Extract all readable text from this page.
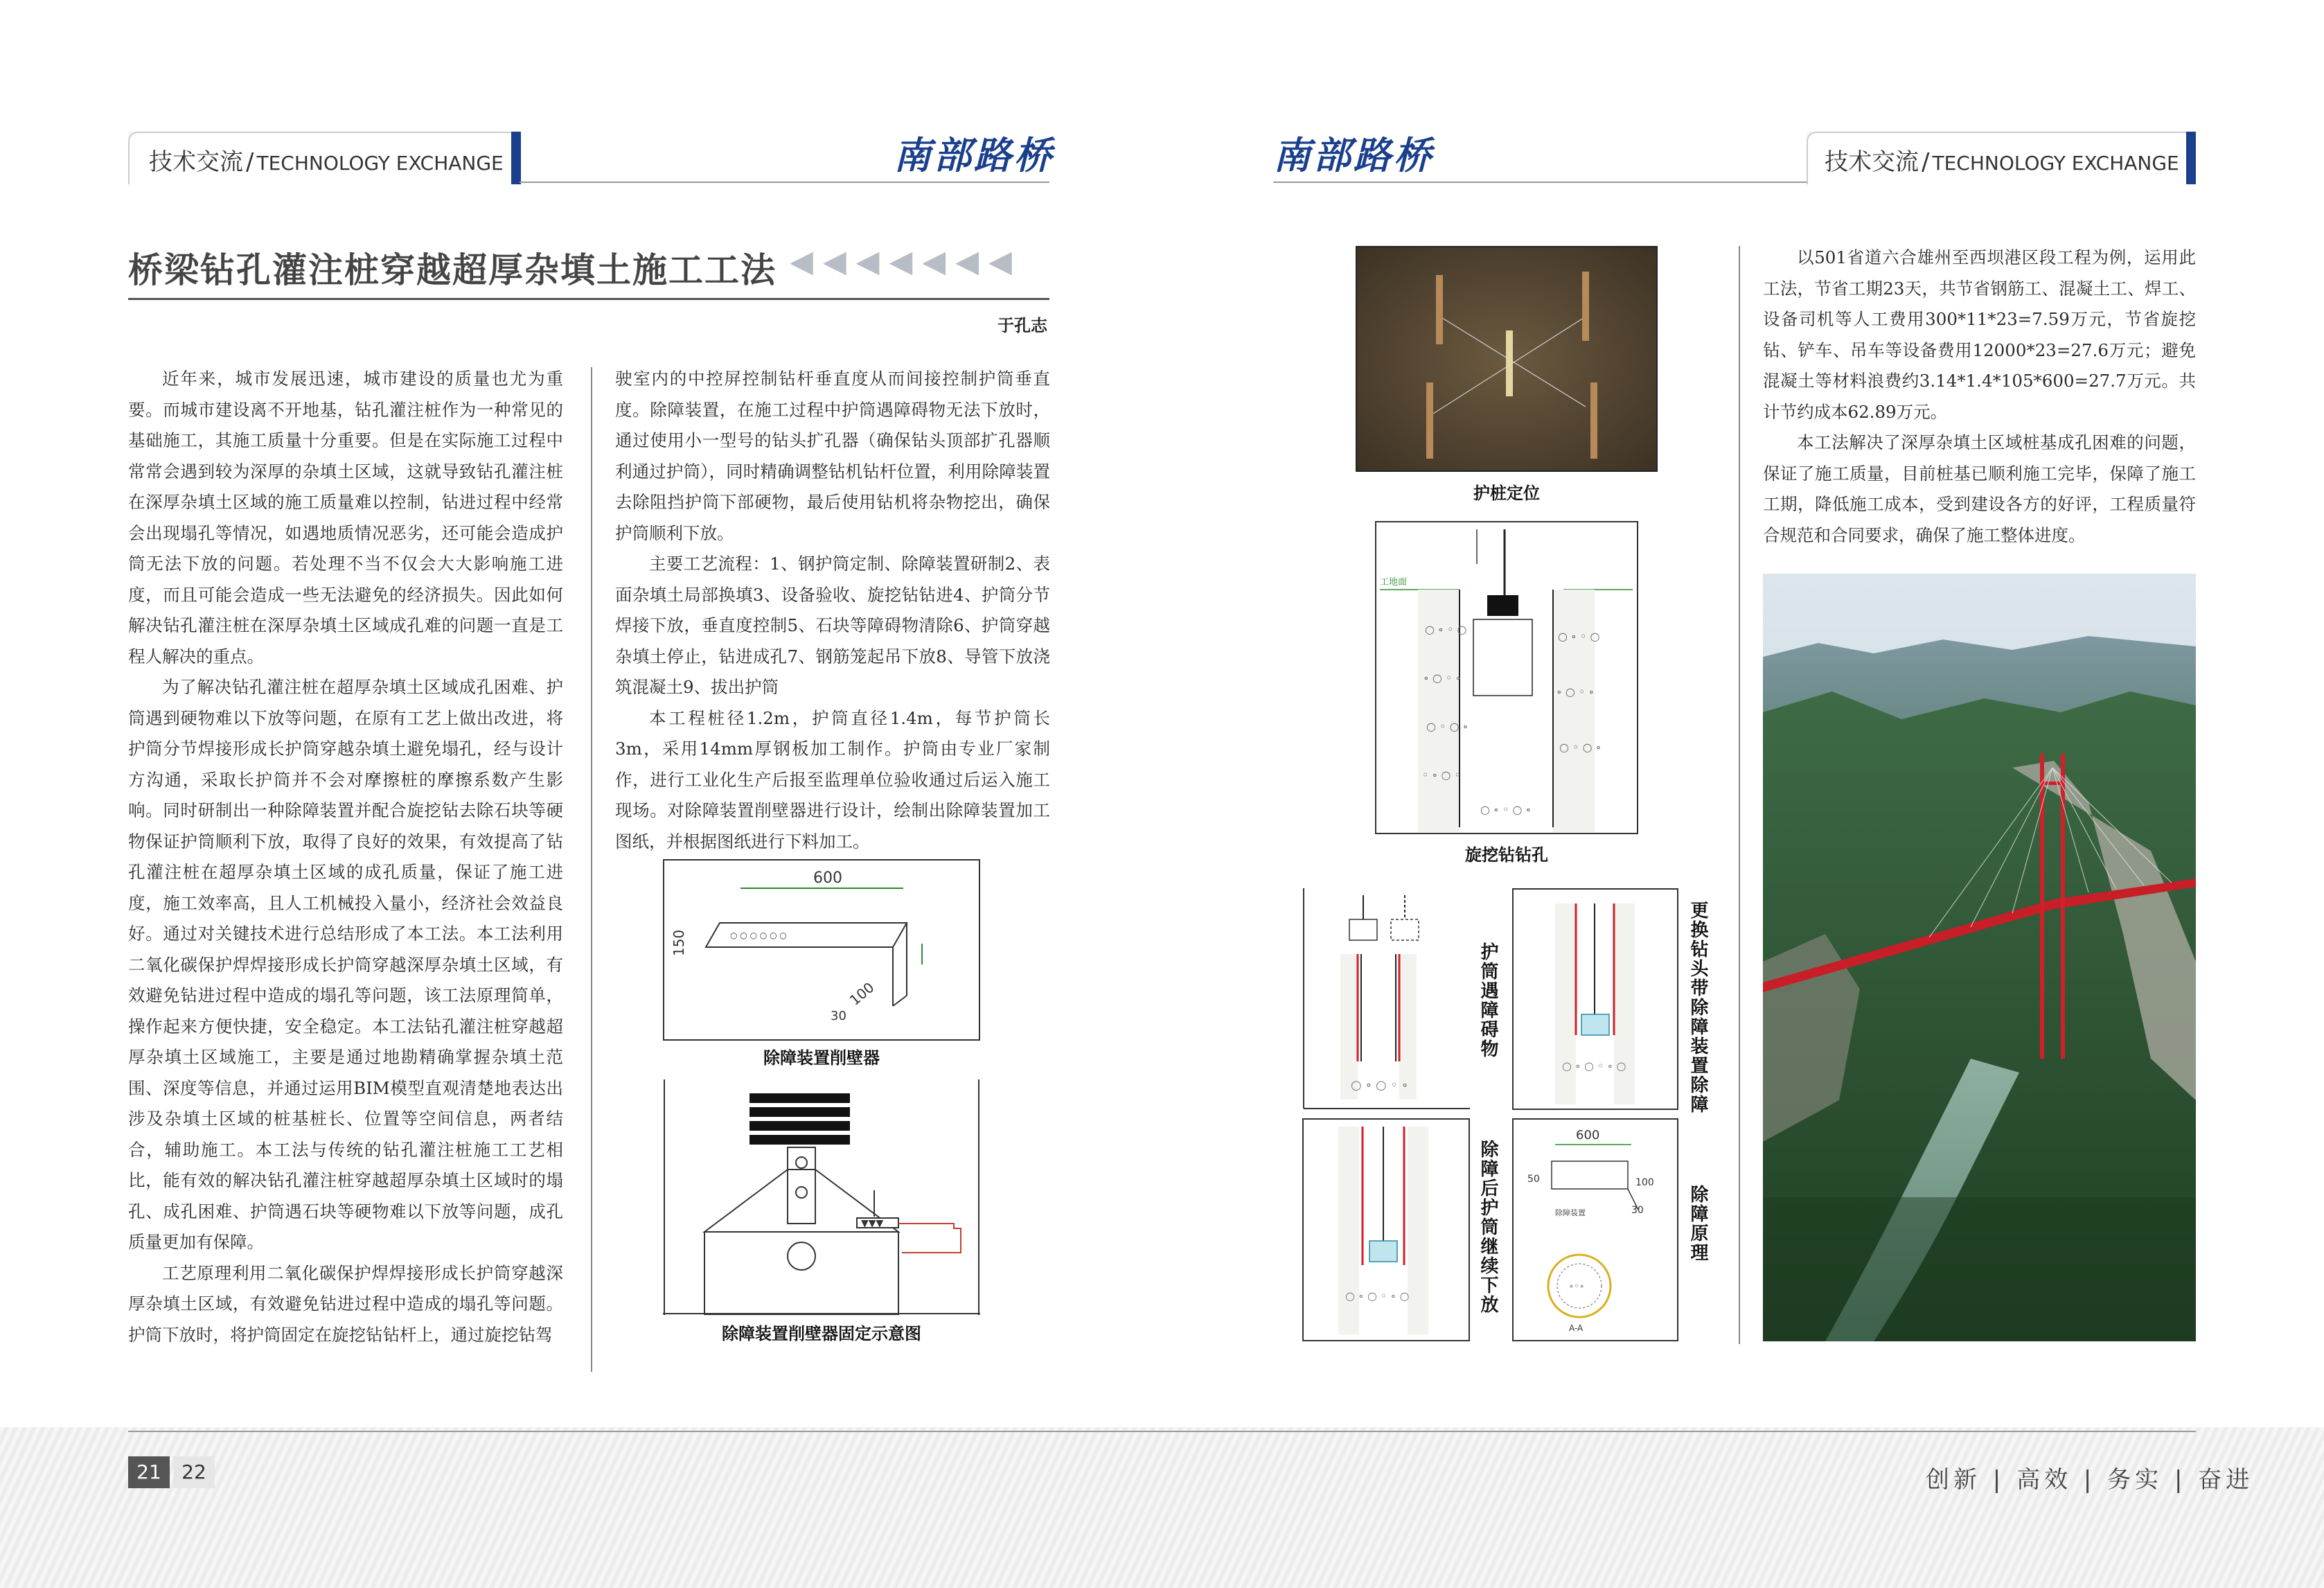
技术交流 / TECHNOLOGY EXCHANGE	南部路桥	南部路桥	技术交流 / TECHNOLOGY EXCHANGE
桥梁钻孔灌注桩穿越超厚杂填土施工工法 ◀◀◀◀◀◀◀
于孔志

近年来，城市发展迅速，城市建设的质量也尤为重要。而城市建设离不开地基，钻孔灌注桩作为一种常见的基础施工，其施工质量十分重要。但是在实际施工过程中常常会遇到较为深厚的杂填土区域，这就导致钻孔灌注桩在深厚杂填土区域的施工质量难以控制，钻进过程中经常会出现塌孔等情况，如遇地质情况恶劣，还可能会造成护筒无法下放的问题。若处理不当不仅会大大影响施工进度，而且可能会造成一些无法避免的经济损失。因此如何解决钻孔灌注桩在深厚杂填土区域成孔难的问题一直是工程人解决的重点。

为了解决钻孔灌注桩在超厚杂填土区域成孔困难、护筒遇到硬物难以下放等问题，在原有工艺上做出改进，将护筒分节焊接形成长护筒穿越杂填土避免塌孔，经与设计方沟通，采取长护筒并不会对摩擦桩的摩擦系数产生影响。同时研制出一种除障装置并配合旋挖钻去除石块等硬物保证护筒顺利下放，取得了良好的效果，有效提高了钻孔灌注桩在超厚杂填土区域的成孔质量，保证了施工进度，施工效率高，且人工机械投入量小，经济社会效益良好。通过对关键技术进行总结形成了本工法。本工法利用二氧化碳保护焊焊接形成长护筒穿越深厚杂填土区域，有效避免钻进过程中造成的塌孔等问题，该工法原理简单，操作起来方便快捷，安全稳定。本工法钻孔灌注桩穿越超厚杂填土区域施工，主要是通过地勘精确掌握杂填土范围、深度等信息，并通过运用BIM模型直观清楚地表达出涉及杂填土区域的桩基桩长、位置等空间信息，两者结合，辅助施工。本工法与传统的钻孔灌注桩施工工艺相比，能有效的解决钻孔灌注桩穿越超厚杂填土区域时的塌孔、成孔困难、护筒遇石块等硬物难以下放等问题，成孔质量更加有保障。

工艺原理利用二氧化碳保护焊焊接形成长护筒穿越深厚杂填土区域，有效避免钻进过程中造成的塌孔等问题。护筒下放时，将护筒固定在旋挖钻钻杆上，通过旋挖钻驾

驶室内的中控屏控制钻杆垂直度从而间接控制护筒垂直度。除障装置，在施工过程中护筒遇障碍物无法下放时，通过使用小一型号的钻头扩孔器（确保钻头顶部扩孔器顺利通过护筒），同时精确调整钻机钻杆位置，利用除障装置去除阻挡护筒下部硬物，最后使用钻机将杂物挖出，确保护筒顺利下放。

主要工艺流程：1、钢护筒定制、除障装置研制2、表面杂填土局部换填3、设备验收、旋挖钻钻进4、护筒分节焊接下放，垂直度控制5、石块等障碍物清除6、护筒穿越杂填土停止，钻进成孔7、钢筋笼起吊下放8、导管下放浇筑混凝土9、拔出护筒

本工程桩径1.2m，护筒直径1.4m，每节护筒长3m，采用14mm厚钢板加工制作。护筒由专业厂家制作，进行工业化生产后报至监理单位验收通过后运入施工现场。对除障装置削壁器进行设计，绘制出除障装置加工图纸，并根据图纸进行下料加工。

600
○ ○ ○ ○ ○ ○
150
100
30
除障装置削壁器
▼▼▼
除障装置削壁器固定示意图
护桩定位
工地面
○ ∘ ◦ ○
∘ ○ ◦ ∘
○ ◦ ○ ∘
◦ ∘ ○ ◦
○ ∘ ◦ ○
∘ ○ ◦ ∘
○ ◦ ○ ∘
○ ∘ ◦ ○ ∘
旋挖钻钻孔
○ ∘ ○ ◦ ∘
护筒遇障碍物
○ ∘ ○ ◦ ∘ ○	更换钻头带除障装置除障
○ ∘ ○ ◦ ∘ ○	除障后护筒继续下放
600
50	100
30
除障装置
∘◦∘
A-A
除障原理

以501省道六合雄州至西坝港区段工程为例，运用此工法，节省工期23天，共节省钢筋工、混凝土工、焊工、设备司机等人工费用300*11*23=7.59万元，节省旋挖钻、铲车、吊车等设备费用12000*23=27.6万元；避免混凝土等材料浪费约3.14*1.4*105*600=27.7万元。共计节约成本62.89万元。

本工法解决了深厚杂填土区域桩基成孔困难的问题，保证了施工质量，目前桩基已顺利施工完毕，保障了施工工期，降低施工成本，受到建设各方的好评，工程质量符合规范和合同要求，确保了施工整体进度。

21	22	创新 | 高效 | 务实 | 奋进
